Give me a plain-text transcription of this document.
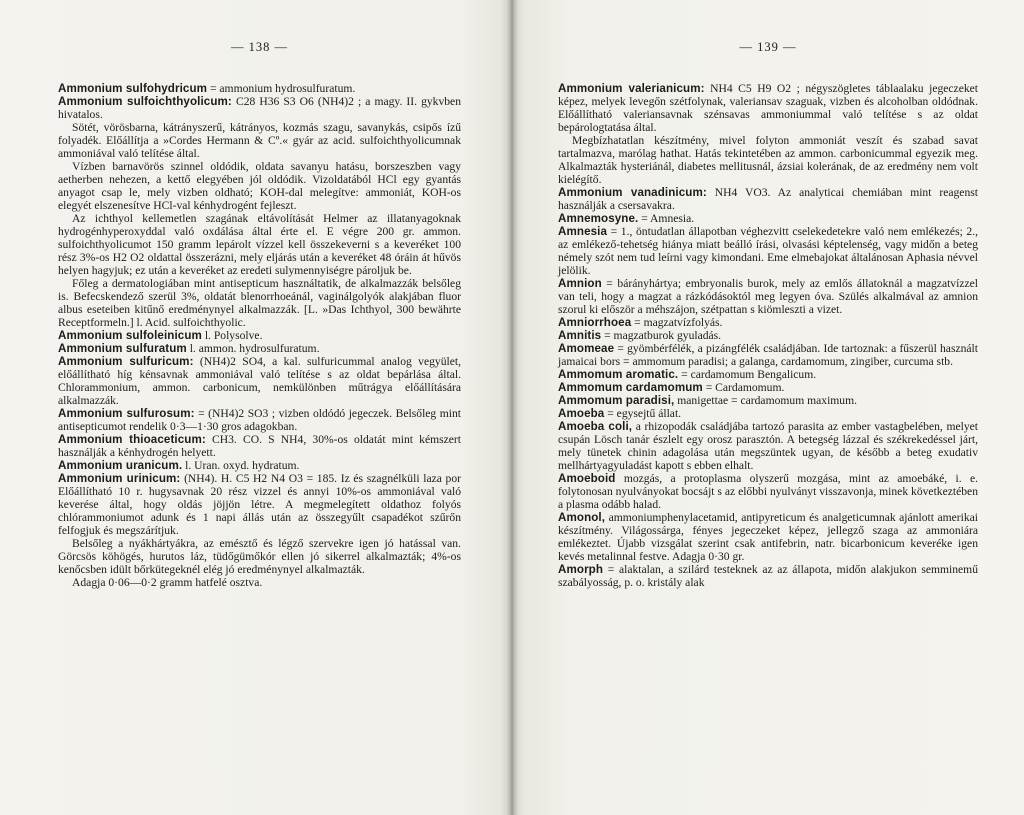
— 138 —

Ammonium sulfohydricum = ammonium hydrosulfuratum.

Ammonium sulfoichthyolicum: C28 H36 S3 O6 (NH4)2 ; a magy. II. gykvben hivatalos.

Sötét, vörösbarna, kátrányszerű, kátrányos, kozmás szagu, savanykás, csipős ízű folyadék. Előállítja a »Cordes Hermann & Cº.« gyár az acid. sulfoichthyolicumnak ammoniával való telítése által.

Vízben barnavörös szinnel oldódik, oldata savanyu hatásu, borszeszben vagy aetherben nehezen, a kettő elegyében jól oldódik. Vizoldatából HCl egy gyantás anyagot csap le, mely vizben oldható; KOH-dal melegítve: ammoniát, KOH-os elegyét elszenesítve HCl-val kénhydrogént fejleszt.

Az ichthyol kellemetlen szagának eltávolítását Helmer az illatanyagoknak hydrogénhyperoxyddal való oxdálása által érte el. E végre 200 gr. ammon. sulfoichthyolicumot 150 gramm lepárolt vízzel kell összekeverni s a keveréket 100 rész 3%-os H2 O2 oldattal összerázni, mely eljárás után a keveréket 48 óráin át hűvös helyen hagyjuk; ez után a keveréket az eredeti sulymennyiségre pároljuk be.

Főleg a dermatologiában mint antisepticum használtatik, de alkalmazzák belsőleg is. Befecskendező szerül 3%, oldatát blenorrhoeánál, vaginálgolyók alakjában fluor albus eseteiben kitűnő eredménynyel alkalmazzák. [L. »Das Ichthyol, 300 bewährte Receptformeln.] l. Acid. sulfoichthyolic.

Ammonium sulfoleinicum l. Polysolve.

Ammonium sulfuratum l. ammon. hydrosulfuratum.

Ammonium sulfuricum: (NH4)2 SO4, a kal. sulfuricummal analog vegyület, előállítható híg kénsavnak ammoniával való telítése s az oldat bepárlása által. Chlorammonium, ammon. carbonicum, nemkülönben műtrágya előállítására alkalmazzák.

Ammonium sulfurosum: = (NH4)2 SO3 ; vizben oldódó jegeczek. Belsőleg mint antisepticumot rendelik 0·3—1·30 gros adagokban.

Ammonium thioaceticum: CH3. CO. S NH4, 30%-os oldatát mint kémszert használják a kénhydrogén helyett.

Ammonium uranicum. l. Uran. oxyd. hydratum.

Ammonium urinicum: (NH4). H. C5 H2 N4 O3 = 185. Iz és szagnélküli laza por Előállítható 10 r. hugysavnak 20 rész vizzel és annyi 10%-os ammoniával való keverése által, hogy oldás jöjjön létre. A megmelegített oldathoz folyós chlórammoniumot adunk és 1 napi állás után az összegyűlt csapadékot szűrőn felfogjuk és megszárítjuk.

Belsőleg a nyákhártyákra, az emésztő és légző szervekre igen jó hatással van. Görcsös köhögés, hurutos láz, tüdőgümőkór ellen jó sikerrel alkalmazták; 4%-os kenőcsben idült bőrkütegeknél elég jó eredménynyel alkalmazták.

Adagja 0·06—0·2 gramm hatfelé osztva.

— 139 —

Ammonium valerianicum: NH4 C5 H9 O2 ; négyszögletes táblaalaku jegeczeket képez, melyek levegőn szétfolynak, valeriansav szaguak, vizben és alcoholban oldódnak. Előállítható valeriansavnak szénsavas ammoniummal való telítése s az oldat bepárologtatása által.

Megbízhatatlan készítmény, mivel folyton ammoniát veszít és szabad savat tartalmazva, marólag hathat. Hatás tekintetében az ammon. carbonicummal egyezik meg. Alkalmazták hysteriánál, diabetes mellitusnál, ázsiai kolerának, de az eredmény nem volt kielégítő.

Ammonium vanadinicum: NH4 VO3. Az analyticai chemiában mint reagenst használják a csersavakra.

Amnemosyne. = Amnesia.

Amnesia = 1., öntudatlan állapotban véghezvitt cselekedetekre való nem emlékezés; 2., az emlékező-tehetség hiánya miatt beálló írási, olvasási képtelenség, vagy midőn a beteg némely szót nem tud leírni vagy kimondani. Eme elmebajokat általánosan Aphasia névvel jelölik.

Amnion = bárányhártya; embryonalis burok, mely az emlős állatoknál a magzatvízzel van teli, hogy a magzat a rázkódásoktól meg legyen óva. Szülés alkalmával az amnion szorul ki először a méhszájon, szétpattan s kiömleszti a vizet.

Amniorrhoea = magzatvízfolyás.

Amnitis = magzatburok gyuladás.

Amomeae = gyömbérfélék, a pizángfélék családjában. Ide tartoznak: a fűszerül használt jamaicai bors = ammomum paradisi; a galanga, cardamomum, zingiber, curcuma stb.

Ammomum aromatic. = cardamomum Bengalicum.

Ammomum cardamomum = Cardamomum.

Ammomum paradisi, manigettae = cardamomum maximum.

Amoeba = egysejtű állat.

Amoeba coli, a rhizopodák családjába tartozó parasita az ember vastagbelében, melyet csupán Lösch tanár észlelt egy orosz parasztón. A betegség lázzal és székrekedéssel járt, mely tünetek chinin adagolása után megszüntek ugyan, de később a beteg exudativ mellhártyagyuladást kapott s ebben elhalt.

Amoeboid mozgás, a protoplasma olyszerű mozgása, mint az amoebáké, i. e. folytonosan nyulványokat bocsájt s az előbbi nyulványt visszavonja, minek következtében a plasma odább halad.

Amonol, ammoniumphenylacetamid, antipyreticum és analgeticumnak ajánlott amerikai készítmény. Világossárga, fényes jegeczeket képez, jellegző szaga az ammoniára emlékeztet. Újabb vizsgálat szerint csak antifebrin, natr. bicarbonicum keveréke igen kevés metalinnal festve. Adagja 0·30 gr.

Amorph = alaktalan, a szilárd testeknek az az állapota, midőn alakjukon semminemű szabályosság, p. o. kristály alak
